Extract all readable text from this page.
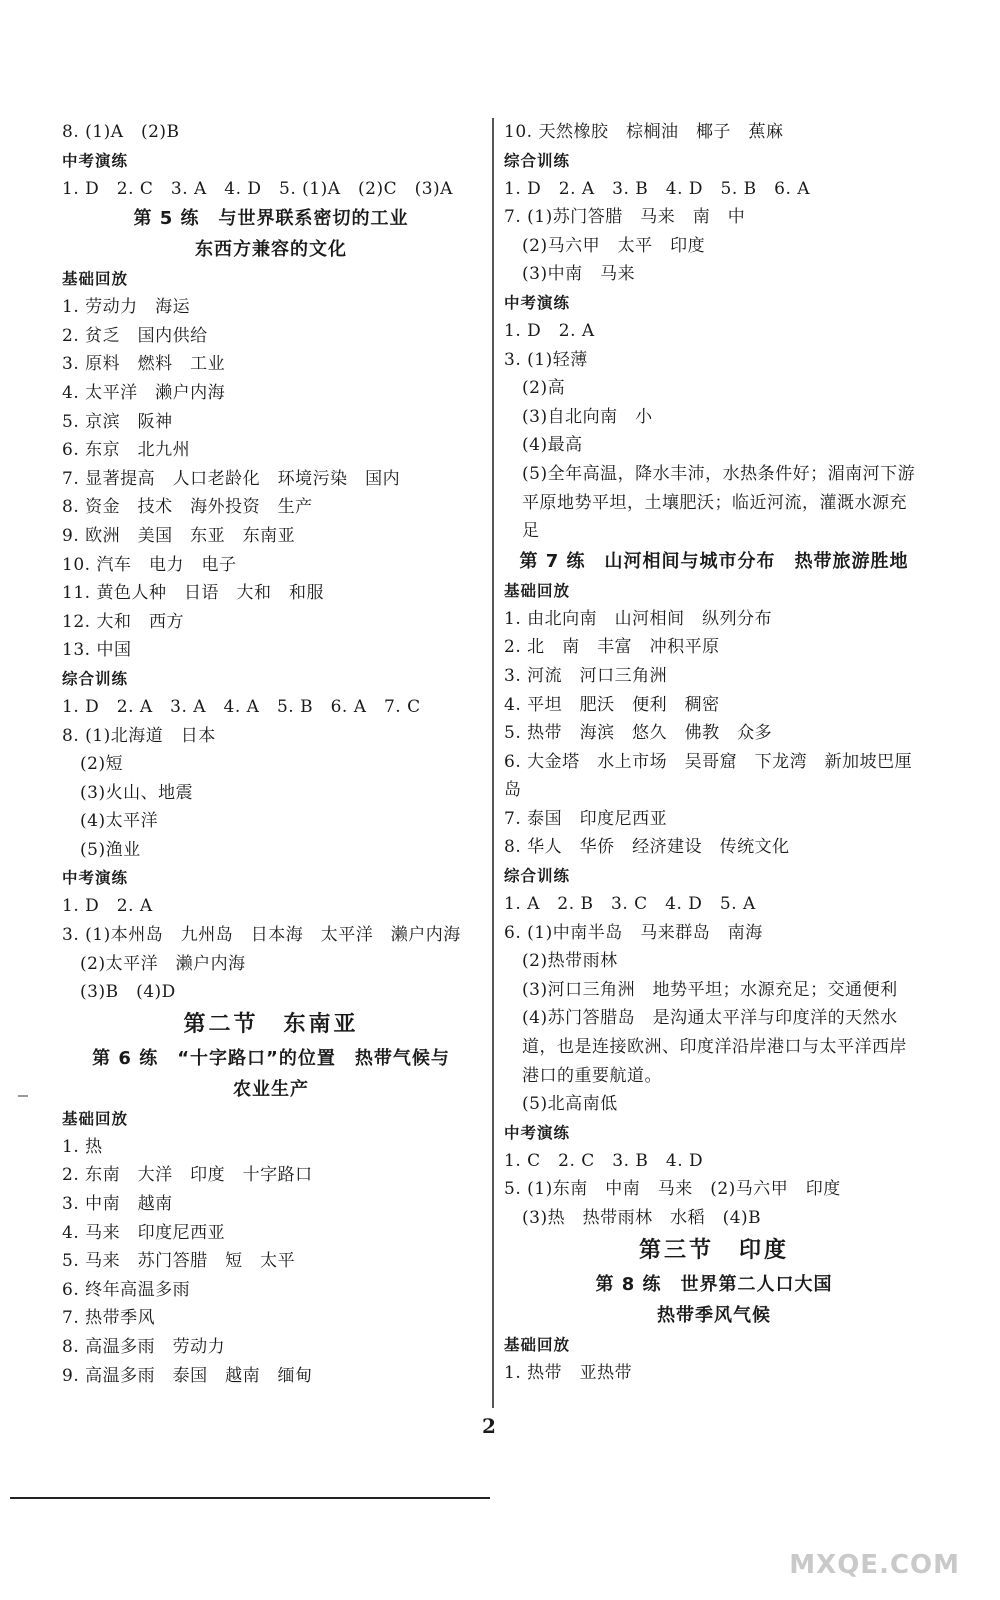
8. (1)A　(2)B
中考演练
1. D　2. C　3. A　4. D　5. (1)A　(2)C　(3)A
第 5 练　与世界联系密切的工业
东西方兼容的文化
基础回放
1. 劳动力　海运
2. 贫乏　国内供给
3. 原料　燃料　工业
4. 太平洋　濑户内海
5. 京滨　阪神
6. 东京　北九州
7. 显著提高　人口老龄化　环境污染　国内
8. 资金　技术　海外投资　生产
9. 欧洲　美国　东亚　东南亚
10. 汽车　电力　电子
11. 黄色人种　日语　大和　和服
12. 大和　西方
13. 中国
综合训练
1. D　2. A　3. A　4. A　5. B　6. A　7. C
8. (1)北海道　日本
(2)短
(3)火山、地震
(4)太平洋
(5)渔业
中考演练
1. D　2. A
3. (1)本州岛　九州岛　日本海　太平洋　濑户内海
(2)太平洋　濑户内海
(3)B　(4)D
第二节　东南亚
第 6 练　“十字路口”的位置　热带气候与
农业生产
基础回放
1. 热
2. 东南　大洋　印度　十字路口
3. 中南　越南
4. 马来　印度尼西亚
5. 马来　苏门答腊　短　太平
6. 终年高温多雨
7. 热带季风
8. 高温多雨　劳动力
9. 高温多雨　泰国　越南　缅甸
10. 天然橡胶　棕榈油　椰子　蕉麻
综合训练
1. D　2. A　3. B　4. D　5. B　6. A
7. (1)苏门答腊　马来　南　中
(2)马六甲　太平　印度
(3)中南　马来
中考演练
1. D　2. A
3. (1)轻薄
(2)高
(3)自北向南　小
(4)最高
(5)全年高温，降水丰沛，水热条件好；湄南河下游平原地势平坦，土壤肥沃；临近河流，灌溉水源充足
第 7 练　山河相间与城市分布　热带旅游胜地
基础回放
1. 由北向南　山河相间　纵列分布
2. 北　南　丰富　冲积平原
3. 河流　河口三角洲
4. 平坦　肥沃　便利　稠密
5. 热带　海滨　悠久　佛教　众多
6. 大金塔　水上市场　吴哥窟　下龙湾　新加坡巴厘岛
7. 泰国　印度尼西亚
8. 华人　华侨　经济建设　传统文化
综合训练
1. A　2. B　3. C　4. D　5. A
6. (1)中南半岛　马来群岛　南海
(2)热带雨林
(3)河口三角洲　地势平坦；水源充足；交通便利
(4)苏门答腊岛　是沟通太平洋与印度洋的天然水道，也是连接欧洲、印度洋沿岸港口与太平洋西岸港口的重要航道。
(5)北高南低
中考演练
1. C　2. C　3. B　4. D
5. (1)东南　中南　马来　(2)马六甲　印度
(3)热　热带雨林　水稻　(4)B
第三节　印度
第 8 练　世界第二人口大国
热带季风气候
基础回放
1. 热带　亚热带
2
MXQE.COM
